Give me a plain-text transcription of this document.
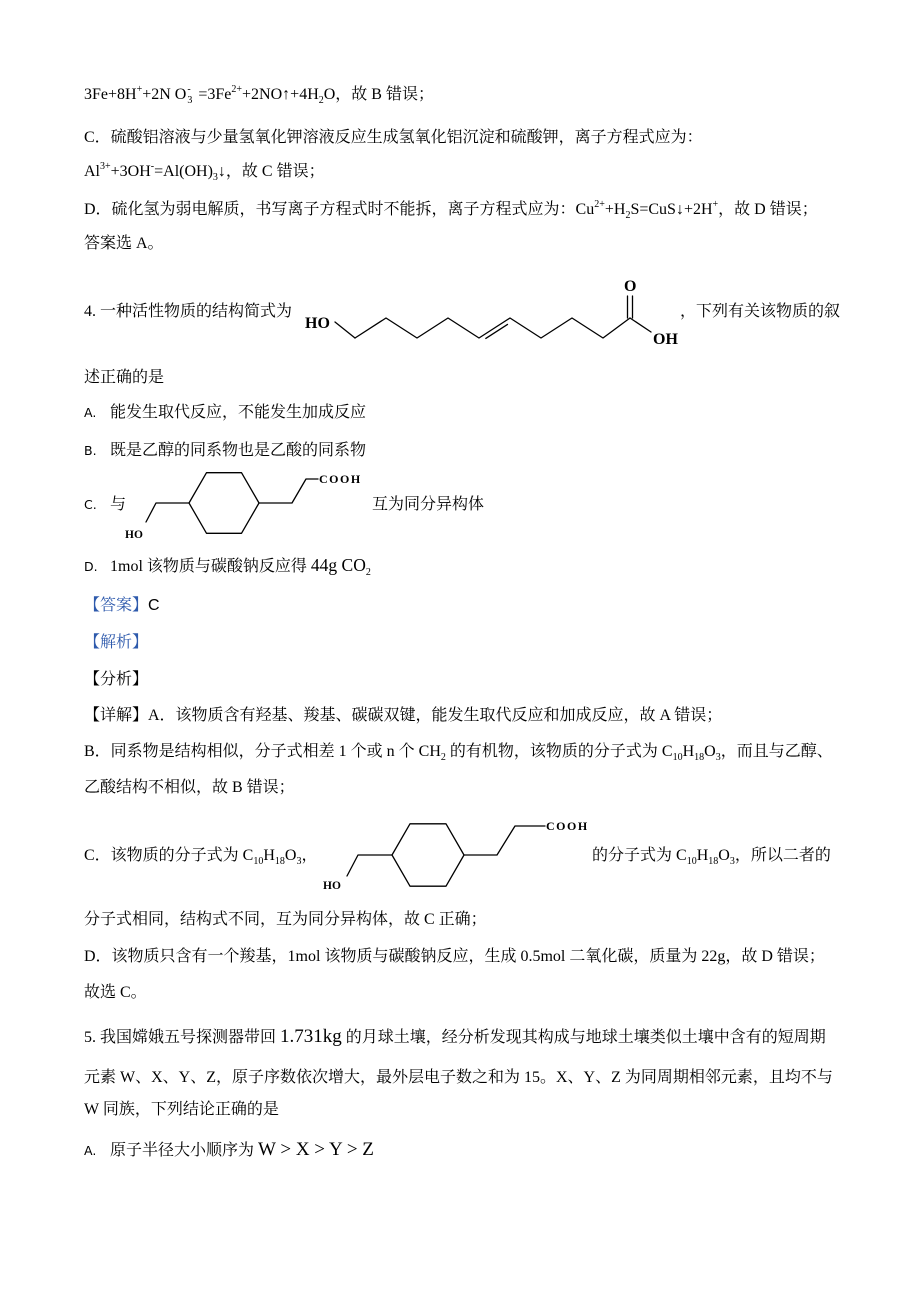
3Fe+8H++2N O -
$3 =3Fe^{2+}+2NO↑+4H_2O$，故 B 错误；
C．硫酸铝溶液与少量氢氧化钾溶液反应生成氢氧化铝沉淀和硫酸钾，离子方程式应为：
$Al^{3+}+3OH^-=Al(OH)_3↓$，故 C 错误；
D．硫化氢为弱电解质，书写离子方程式时不能拆，离子方程式应为：$Cu^{2+}+H_2S=CuS↓+2H^+$，故 D 错误；
答案选 A。
4. 一种活性物质的结构简式为	，下列有关该物质的叙
述正确的是
A. 能发生取代反应，不能发生加成反应
B. 既是乙醇的同系物也是乙酸的同系物
C. 与	互为同分异构体
D. 1mol 该物质与碳酸钠反应得 44g $CO_2$
【答案】C
【解析】
【分析】
【详解】A．该物质含有羟基、羧基、碳碳双键，能发生取代反应和加成反应，故 A 错误；
B．同系物是结构相似，分子式相差 1 个或 n 个 $CH_2$ 的有机物，该物质的分子式为 $C_{10}H_{18}O_3$，而且与乙醇、
乙酸结构不相似，故 B 错误；
C．该物质的分子式为 $C_{10}H_{18}O_3$，	的分子式为 $C_{10}H_{18}O_3$，所以二者的
分子式相同，结构式不同，互为同分异构体，故 C 正确；
D．该物质只含有一个羧基，1mol 该物质与碳酸钠反应，生成 0.5mol 二氧化碳，质量为 22g，故 D 错误；
故选 C。
5. 我国嫦娥五号探测器带回 1.731kg 的月球土壤，经分析发现其构成与地球土壤类似土壤中含有的短周期
元素 W、X、Y、Z，原子序数依次增大，最外层电子数之和为 15。X、Y、Z 为同周期相邻元素，且均不与
W 同族，下列结论正确的是
A. 原子半径大小顺序为 W > X > Y > Z
HO
O
OH
HO
COOH
HO
COOH
